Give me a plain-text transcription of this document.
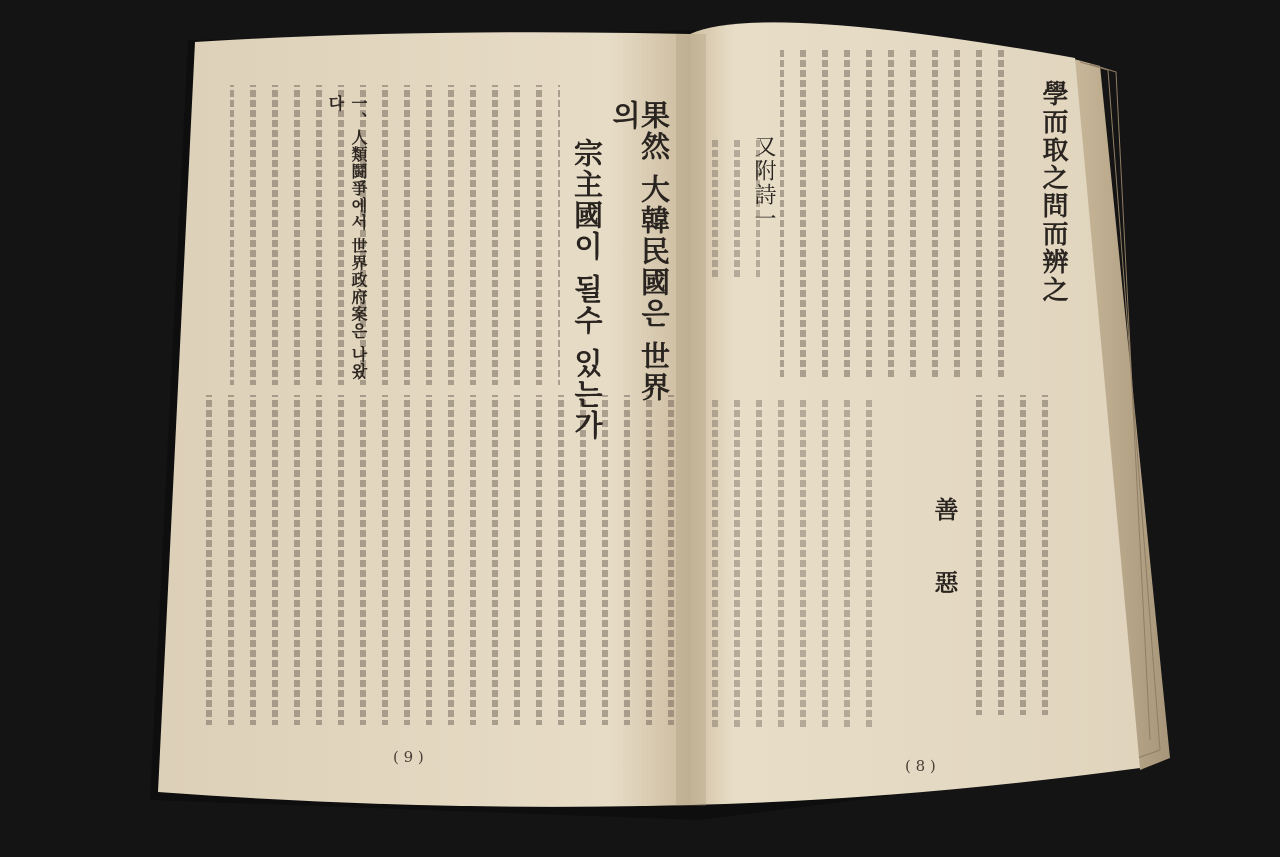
果然 大韓民國은 世界의
宗主國이 될수 있는가
一、人類鬪爭에서 世界政府案은 나왔다	學而取之問而辨之
又附詩一
善
惡
( 9 )	( 8 )
